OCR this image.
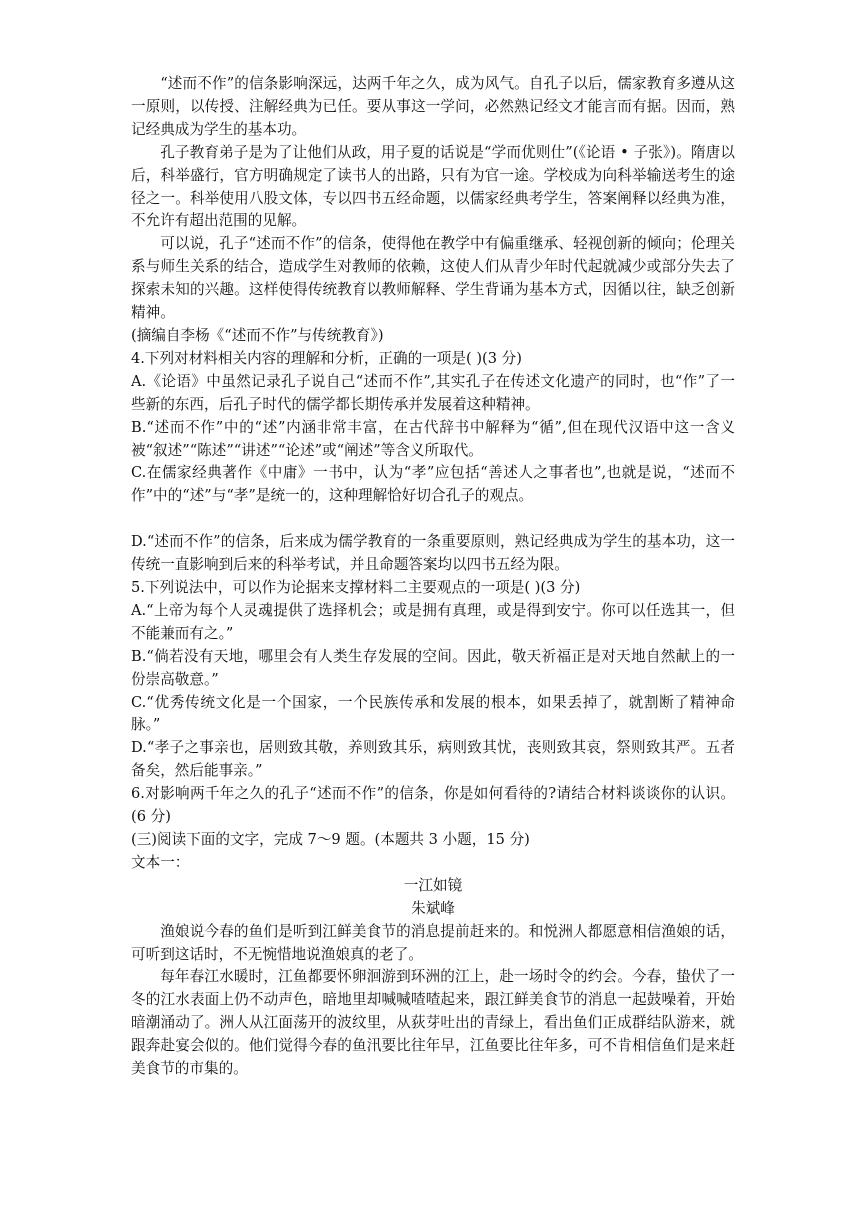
“述而不作”的信条影响深远，达两千年之久，成为风气。自孔子以后，儒家教育多遵从这一原则，以传授、注解经典为已任。要从事这一学问，必然熟记经文才能言而有据。因而，熟记经典成为学生的基本功。

孔子教育弟子是为了让他们从政，用子夏的话说是“学而优则仕”(《论语 • 子张》)。隋唐以后，科举盛行，官方明确规定了读书人的出路，只有为官一途。学校成为向科举输送考生的途径之一。科举使用八股文体，专以四书五经命题，以儒家经典考学生，答案阐释以经典为准，不允许有超出范围的见解。

可以说，孔子“述而不作”的信条，使得他在教学中有偏重继承、轻视创新的倾向；伦理关系与师生关系的结合，造成学生对教师的依赖，这使人们从青少年时代起就减少或部分失去了探索未知的兴趣。这样使得传统教育以教师解释、学生背诵为基本方式，因循以往，缺乏创新精神。

(摘编自李杨《“述而不作”与传统教育》)

4.下列对材料相关内容的理解和分析，正确的一项是( )(3 分)

A.《论语》中虽然记录孔子说自己“述而不作”,其实孔子在传述文化遗产的同时，也“作”了一些新的东西，后孔子时代的儒学都长期传承并发展着这种精神。

B.“述而不作”中的“述”内涵非常丰富，在古代辞书中解释为“循”,但在现代汉语中这一含义被“叙述”“陈述”“讲述”“论述”或“阐述”等含义所取代。

C.在儒家经典著作《中庸》一书中，认为“孝”应包括“善述人之事者也”,也就是说，“述而不作”中的“述”与“孝”是统一的，这种理解恰好切合孔子的观点。

D.“述而不作”的信条，后来成为儒学教育的一条重要原则，熟记经典成为学生的基本功，这一传统一直影响到后来的科举考试，并且命题答案均以四书五经为限。

5.下列说法中，可以作为论据来支撑材料二主要观点的一项是( )(3 分)

A.“上帝为每个人灵魂提供了选择机会；或是拥有真理，或是得到安宁。你可以任选其一，但不能兼而有之。”

B.“倘若没有天地，哪里会有人类生存发展的空间。因此，敬天祈福正是对天地自然献上的一份崇高敬意。”

C.“优秀传统文化是一个国家，一个民族传承和发展的根本，如果丢掉了，就割断了精神命脉。”

D.“孝子之事亲也，居则致其敬，养则致其乐，病则致其忧，丧则致其哀，祭则致其严。五者备矣，然后能事亲。”

6.对影响两千年之久的孔子“述而不作”的信条，你是如何看待的?请结合材料谈谈你的认识。(6 分)

(三)阅读下面的文字，完成 7～9 题。(本题共 3 小题，15 分)

文本一：

一江如镜

朱斌峰

渔娘说今春的鱼们是听到江鲜美食节的消息提前赶来的。和悦洲人都愿意相信渔娘的话，可听到这话时，不无惋惜地说渔娘真的老了。

每年春江水暖时，江鱼都要怀卵洄游到环洲的江上，赴一场时令的约会。今春，蛰伏了一冬的江水表面上仍不动声色，暗地里却喊喊喳喳起来，跟江鲜美食节的消息一起鼓噪着，开始暗潮涌动了。洲人从江面荡开的波纹里，从荻芽吐出的青绿上，看出鱼们正成群结队游来，就跟奔赴宴会似的。他们觉得今春的鱼汛要比往年早，江鱼要比往年多，可不肯相信鱼们是来赶美食节的市集的。
